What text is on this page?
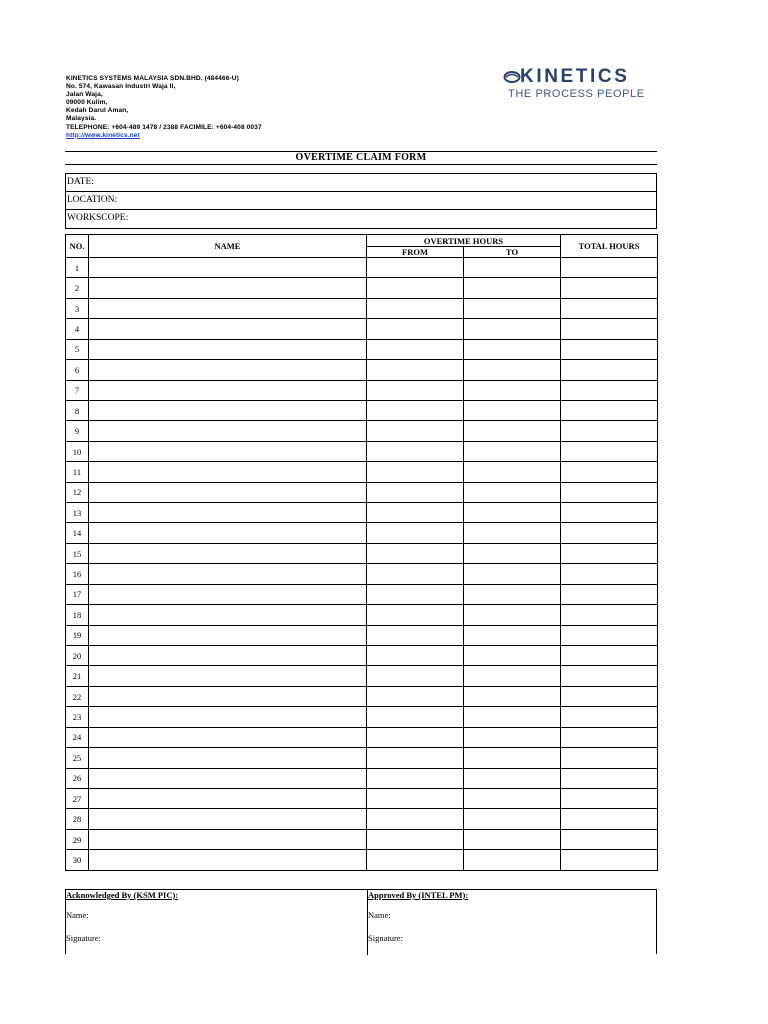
KINETICS SYSTEMS MALAYSIA SDN.BHD. (484466-U)
No. 574, Kawasan Industri Waja II,
Jalan Waja,
09000 Kulim,
Kedah Darul Aman,
Malaysia.
TELEPHONE: +604-489 1478 / 2388 FACIMILE: +604-408 0037
http://www.kinetics.net
KINETICS
THE PROCESS PEOPLE
OVERTIME CLAIM FORM
DATE:
LOCATION:
WORKSCOPE:
NO.	NAME	OVERTIME HOURS		TOTAL HOURS
		FROM	TO	
1				
2				
3				
4				
5				
6				
7				
8				
9				
10				
11				
12				
13				
14				
15				
16				
17				
18				
19				
20				
21				
22				
23				
24				
25				
26				
27				
28				
29				
30				
Acknowledged By (KSM PIC):
Name:
Signature:
Approved By (INTEL PM):
Name:
Signature:
